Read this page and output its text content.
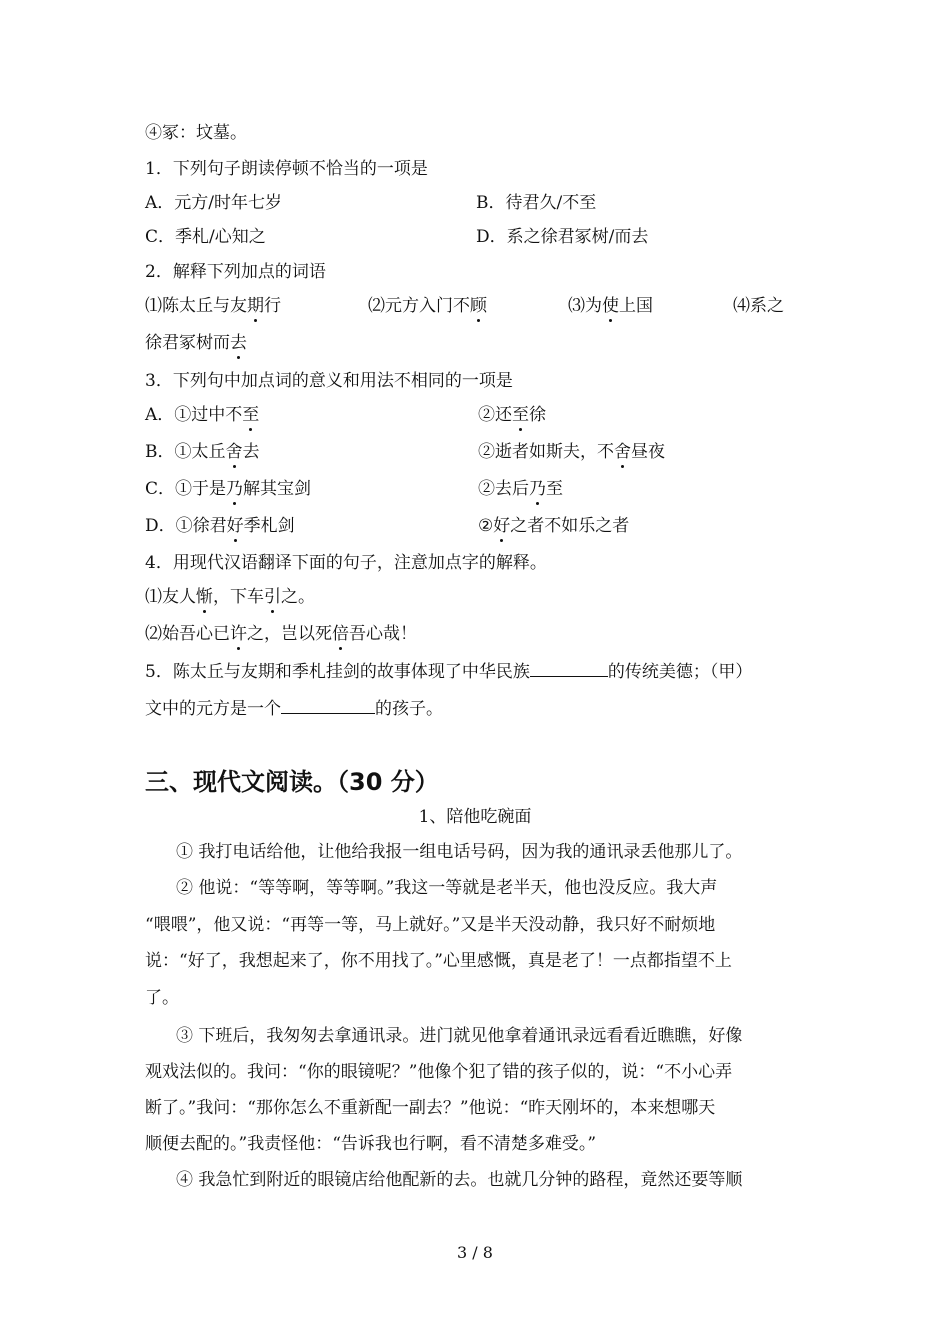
④冢：坟墓。
1．下列句子朗读停顿不恰当的一项是
A．元方/时年七岁	B．待君久/不至
C．季札/心知之	D．系之徐君冢树/而去
2．解释下列加点的词语
⑴陈太丘与友期行	⑵元方入门不顾	⑶为使上国	⑷系之
徐君冢树而去
3．下列句中加点词的意义和用法不相同的一项是
A．①过中不至	②还至徐
B．①太丘舍去	②逝者如斯夫，不舍昼夜
C．①于是乃解其宝剑	②去后乃至
D．①徐君好季札剑	②好之者不如乐之者
4．用现代汉语翻译下面的句子，注意加点字的解释。
⑴友人惭，下车引之。
⑵始吾心已许之，岂以死倍吾心哉！
5．陈太丘与友期和季札挂剑的故事体现了中华民族	的传统美德；（甲）
文中的元方是一个	的孩子。
三、现代文阅读。（30 分）
1、陪他吃碗面
① 我打电话给他，让他给我报一组电话号码，因为我的通讯录丢他那儿了。
② 他说：“等等啊，等等啊。”我这一等就是老半天，他也没反应。我大声
“喂喂”，他又说：“再等一等，马上就好。”又是半天没动静，我只好不耐烦地
说：“好了，我想起来了，你不用找了。”心里感慨，真是老了！一点都指望不上
了。
③ 下班后，我匆匆去拿通讯录。进门就见他拿着通讯录远看看近瞧瞧，好像
观戏法似的。我问：“你的眼镜呢？”他像个犯了错的孩子似的，说：“不小心弄
断了。”我问：“那你怎么不重新配一副去？”他说：“昨天刚坏的，本来想哪天
顺便去配的。”我责怪他：“告诉我也行啊，看不清楚多难受。”
④ 我急忙到附近的眼镜店给他配新的去。也就几分钟的路程，竟然还要等顺
3 / 8
